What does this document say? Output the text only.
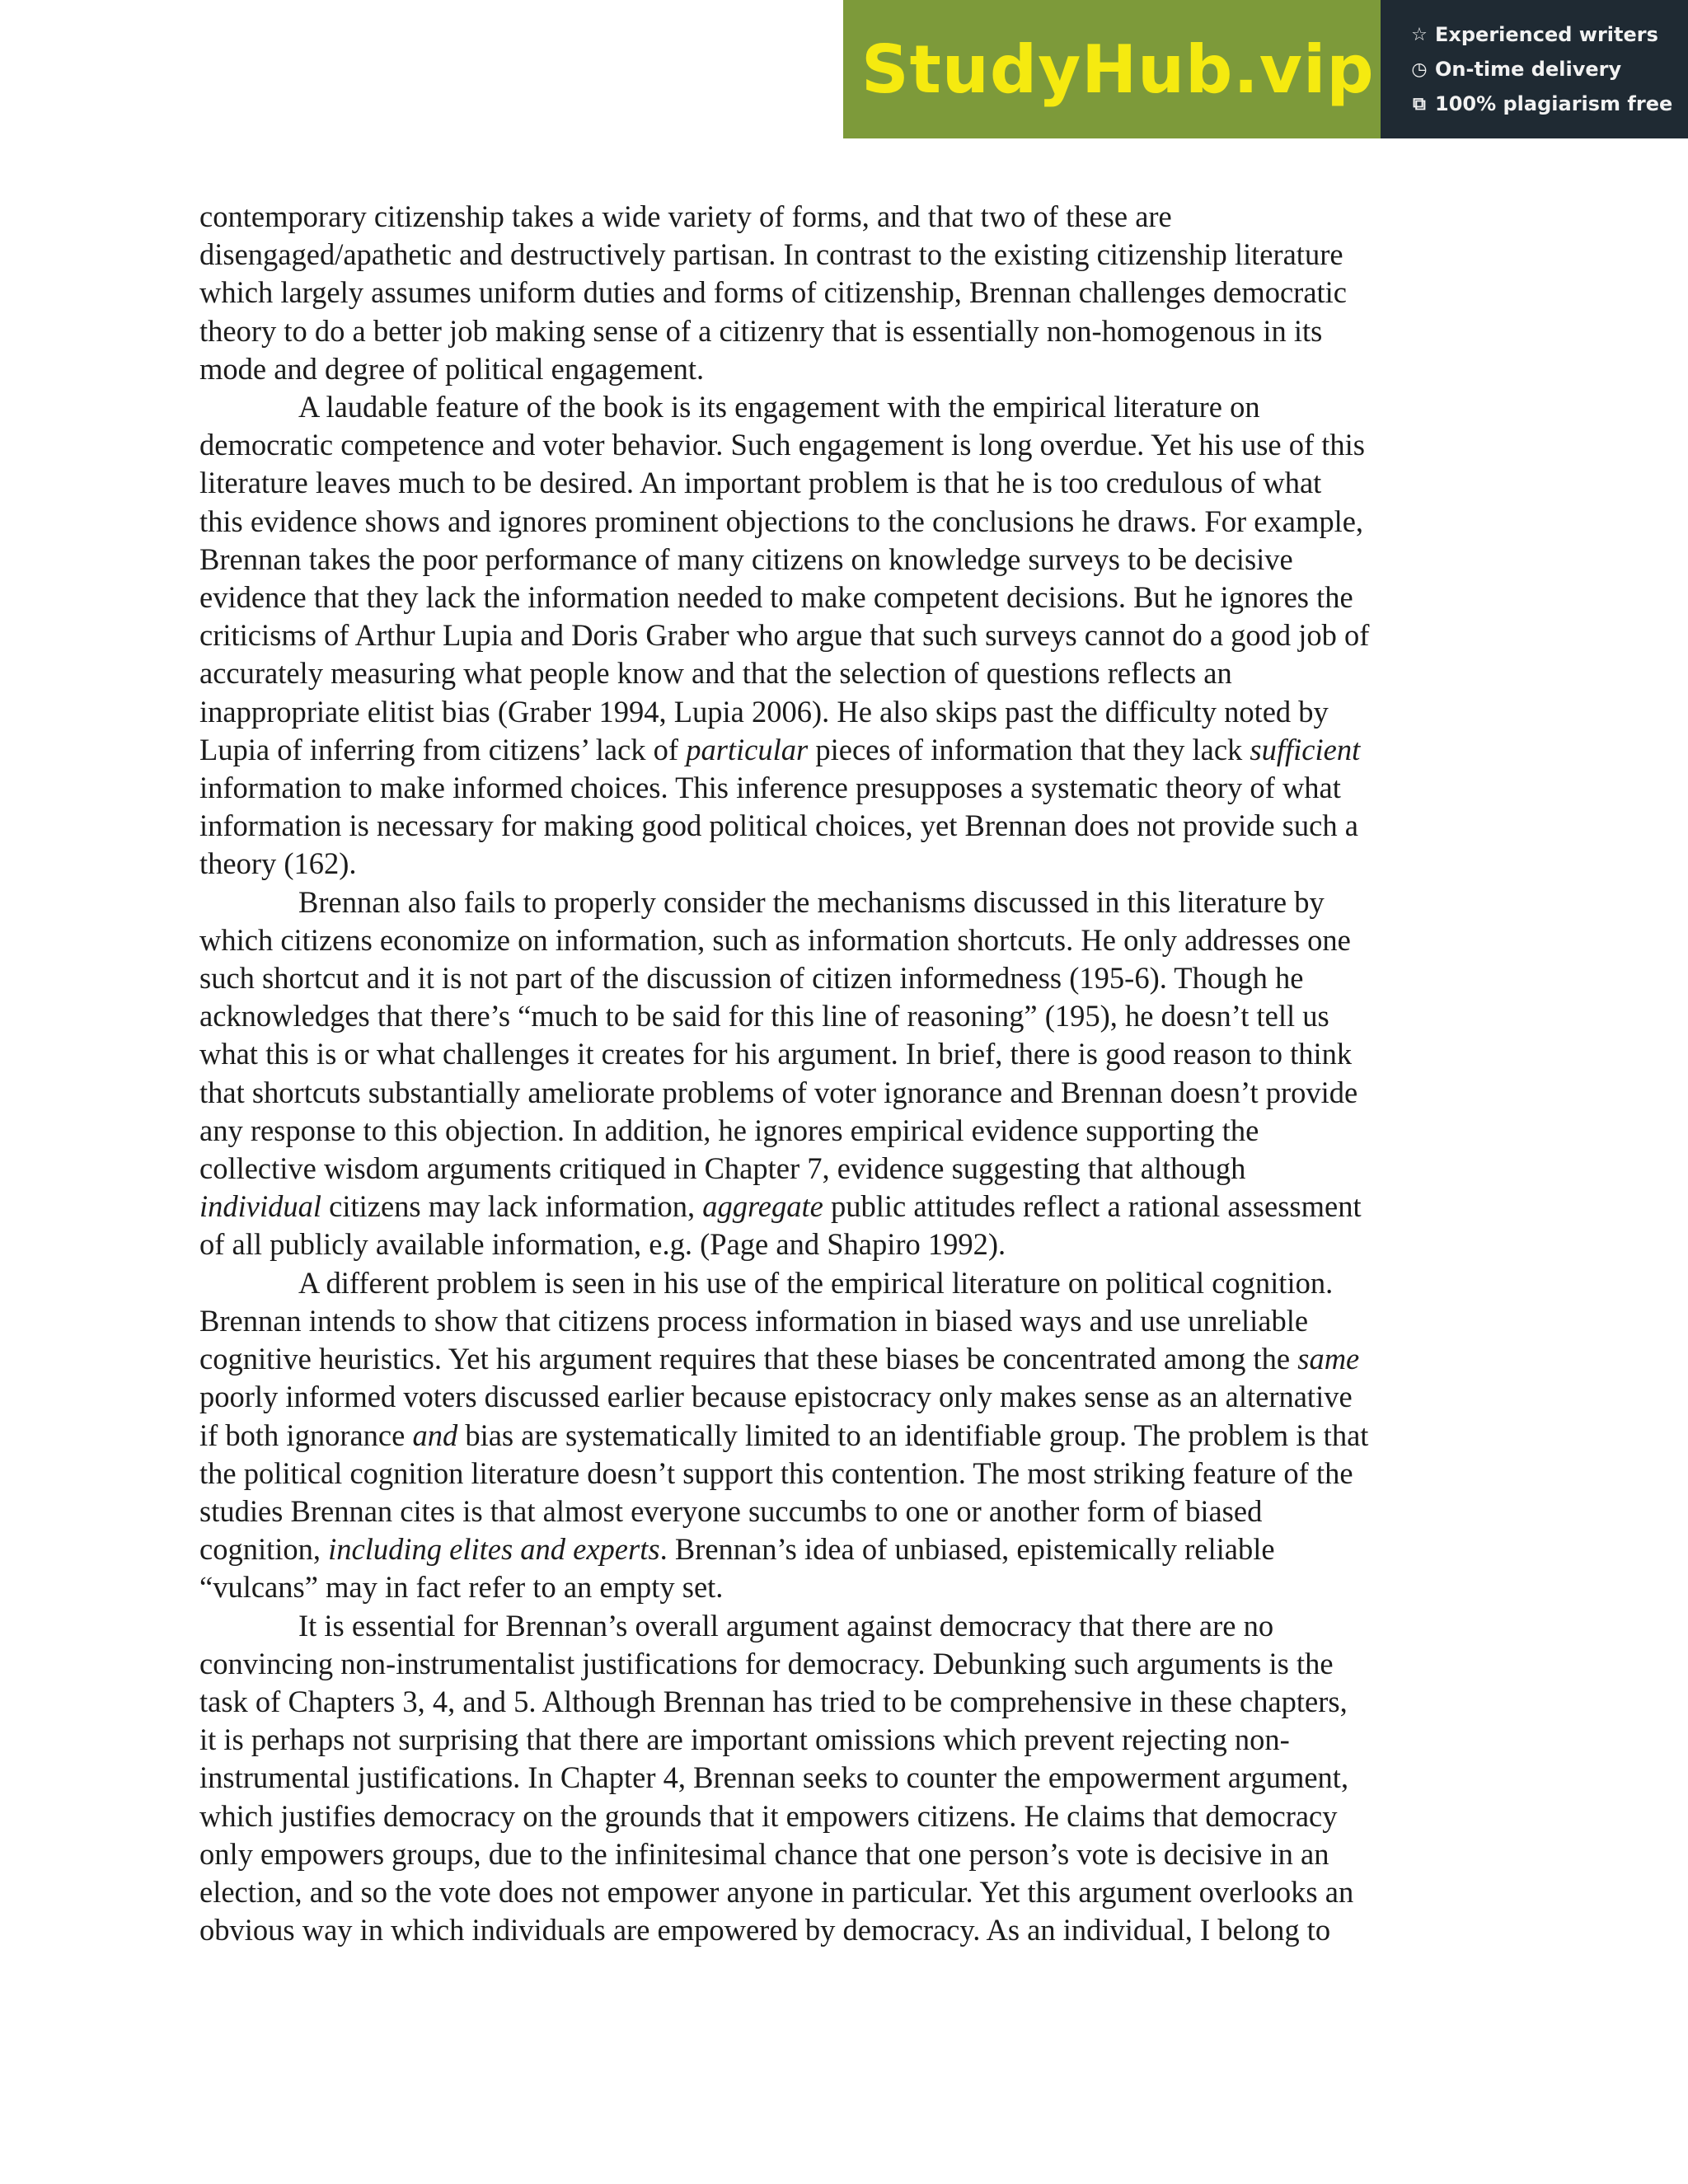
StudyHub.vip ☆ Experienced writers
◷ On-time delivery
⧉ 100% plagiarism free

contemporary citizenship takes a wide variety of forms, and that two of these are
disengaged/apathetic and destructively partisan. In contrast to the existing citizenship literature
which largely assumes uniform duties and forms of citizenship, Brennan challenges democratic
theory to do a better job making sense of a citizenry that is essentially non-homogenous in its
mode and degree of political engagement.

A laudable feature of the book is its engagement with the empirical literature on
democratic competence and voter behavior. Such engagement is long overdue. Yet his use of this
literature leaves much to be desired. An important problem is that he is too credulous of what
this evidence shows and ignores prominent objections to the conclusions he draws. For example,
Brennan takes the poor performance of many citizens on knowledge surveys to be decisive
evidence that they lack the information needed to make competent decisions. But he ignores the
criticisms of Arthur Lupia and Doris Graber who argue that such surveys cannot do a good job of
accurately measuring what people know and that the selection of questions reflects an
inappropriate elitist bias (Graber 1994, Lupia 2006). He also skips past the difficulty noted by
Lupia of inferring from citizens’ lack of particular pieces of information that they lack sufficient
information to make informed choices. This inference presupposes a systematic theory of what
information is necessary for making good political choices, yet Brennan does not provide such a
theory (162).

Brennan also fails to properly consider the mechanisms discussed in this literature by
which citizens economize on information, such as information shortcuts. He only addresses one
such shortcut and it is not part of the discussion of citizen informedness (195-6). Though he
acknowledges that there’s “much to be said for this line of reasoning” (195), he doesn’t tell us
what this is or what challenges it creates for his argument. In brief, there is good reason to think
that shortcuts substantially ameliorate problems of voter ignorance and Brennan doesn’t provide
any response to this objection. In addition, he ignores empirical evidence supporting the
collective wisdom arguments critiqued in Chapter 7, evidence suggesting that although
individual citizens may lack information, aggregate public attitudes reflect a rational assessment
of all publicly available information, e.g. (Page and Shapiro 1992).

A different problem is seen in his use of the empirical literature on political cognition.
Brennan intends to show that citizens process information in biased ways and use unreliable
cognitive heuristics. Yet his argument requires that these biases be concentrated among the same
poorly informed voters discussed earlier because epistocracy only makes sense as an alternative
if both ignorance and bias are systematically limited to an identifiable group. The problem is that
the political cognition literature doesn’t support this contention. The most striking feature of the
studies Brennan cites is that almost everyone succumbs to one or another form of biased
cognition, including elites and experts. Brennan’s idea of unbiased, epistemically reliable
“vulcans” may in fact refer to an empty set.

It is essential for Brennan’s overall argument against democracy that there are no
convincing non-instrumentalist justifications for democracy. Debunking such arguments is the
task of Chapters 3, 4, and 5. Although Brennan has tried to be comprehensive in these chapters,
it is perhaps not surprising that there are important omissions which prevent rejecting non-
instrumental justifications. In Chapter 4, Brennan seeks to counter the empowerment argument,
which justifies democracy on the grounds that it empowers citizens. He claims that democracy
only empowers groups, due to the infinitesimal chance that one person’s vote is decisive in an
election, and so the vote does not empower anyone in particular. Yet this argument overlooks an
obvious way in which individuals are empowered by democracy. As an individual, I belong to
